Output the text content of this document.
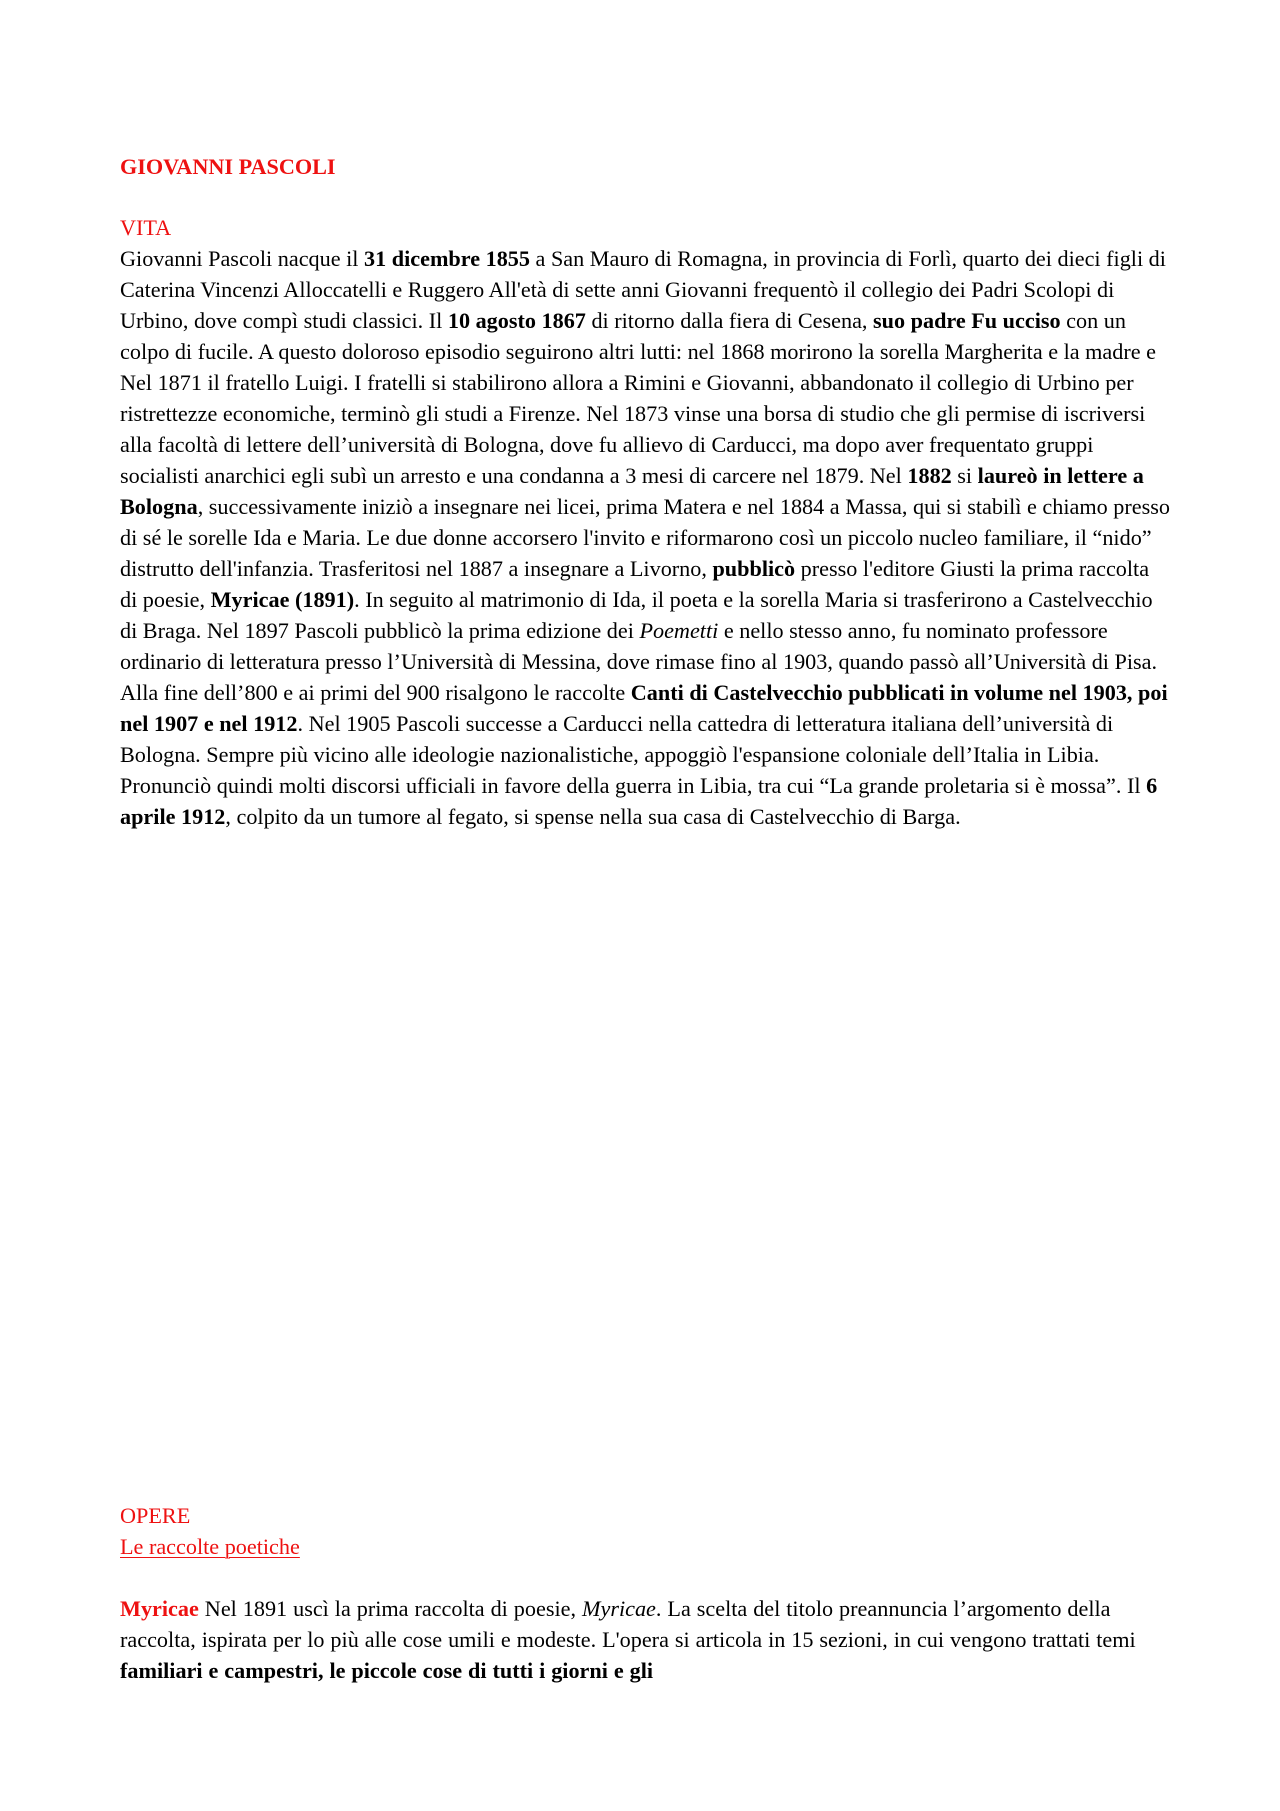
GIOVANNI PASCOLI
VITA
Giovanni Pascoli nacque il 31 dicembre 1855 a San Mauro di Romagna, in provincia di Forlì, quarto dei dieci figli di Caterina Vincenzi Alloccatelli e Ruggero All'età di sette anni Giovanni frequentò il collegio dei Padri Scolopi di Urbino, dove compì studi classici. Il 10 agosto 1867 di ritorno dalla fiera di Cesena, suo padre Fu ucciso con un colpo di fucile. A questo doloroso episodio seguirono altri lutti: nel 1868 morirono la sorella Margherita e la madre e Nel 1871 il fratello Luigi. I fratelli si stabilirono allora a Rimini e Giovanni, abbandonato il collegio di Urbino per ristrettezze economiche, terminò gli studi a Firenze. Nel 1873 vinse una borsa di studio che gli permise di iscriversi alla facoltà di lettere dell’università di Bologna, dove fu allievo di Carducci, ma dopo aver frequentato gruppi socialisti anarchici egli subì un arresto e una condanna a 3 mesi di carcere nel 1879. Nel 1882 si laureò in lettere a Bologna, successivamente iniziò a insegnare nei licei, prima Matera e nel 1884 a Massa, qui si stabilì e chiamo presso di sé le sorelle Ida e Maria. Le due donne accorsero l'invito e riformarono così un piccolo nucleo familiare, il “nido” distrutto dell'infanzia. Trasferitosi nel 1887 a insegnare a Livorno, pubblicò presso l'editore Giusti la prima raccolta di poesie, Myricae (1891). In seguito al matrimonio di Ida, il poeta e la sorella Maria si trasferirono a Castelvecchio di Braga. Nel 1897 Pascoli pubblicò la prima edizione dei Poemetti e nello stesso anno, fu nominato professore ordinario di letteratura presso l’Università di Messina, dove rimase fino al 1903, quando passò all’Università di Pisa. Alla fine dell’800 e ai primi del 900 risalgono le raccolte Canti di Castelvecchio pubblicati in volume nel 1903, poi nel 1907 e nel 1912. Nel 1905 Pascoli successe a Carducci nella cattedra di letteratura italiana dell’università di Bologna. Sempre più vicino alle ideologie nazionalistiche, appoggiò l'espansione coloniale dell’Italia in Libia. Pronunciò quindi molti discorsi ufficiali in favore della guerra in Libia, tra cui “La grande proletaria si è mossa”. Il 6 aprile 1912, colpito da un tumore al fegato, si spense nella sua casa di Castelvecchio di Barga.
OPERE
Le raccolte poetiche
Myricae Nel 1891 uscì la prima raccolta di poesie, Myricae. La scelta del titolo preannuncia l’argomento della raccolta, ispirata per lo più alle cose umili e modeste. L'opera si articola in 15 sezioni, in cui vengono trattati temi familiari e campestri, le piccole cose di tutti i giorni e gli
